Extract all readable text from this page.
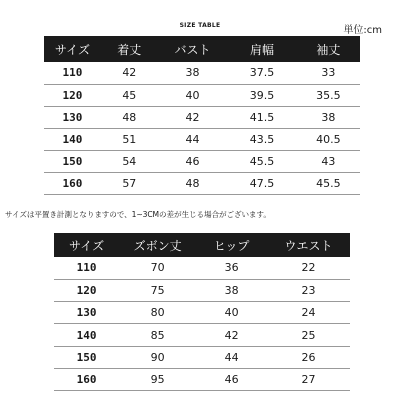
SIZE TABLE	単位:cm
サイズ	着丈	バスト	肩幅	袖丈
110	42	38	37.5	33
120	45	40	39.5	35.5
130	48	42	41.5	38
140	51	44	43.5	40.5
150	54	46	45.5	43
160	57	48	47.5	45.5
サイズは平置き計測となりますので、1~3CMの差が生じる場合がございます。
サイズ	ズボン丈	ヒップ	ウエスト
110	70	36	22
120	75	38	23
130	80	40	24
140	85	42	25
150	90	44	26
160	95	46	27
